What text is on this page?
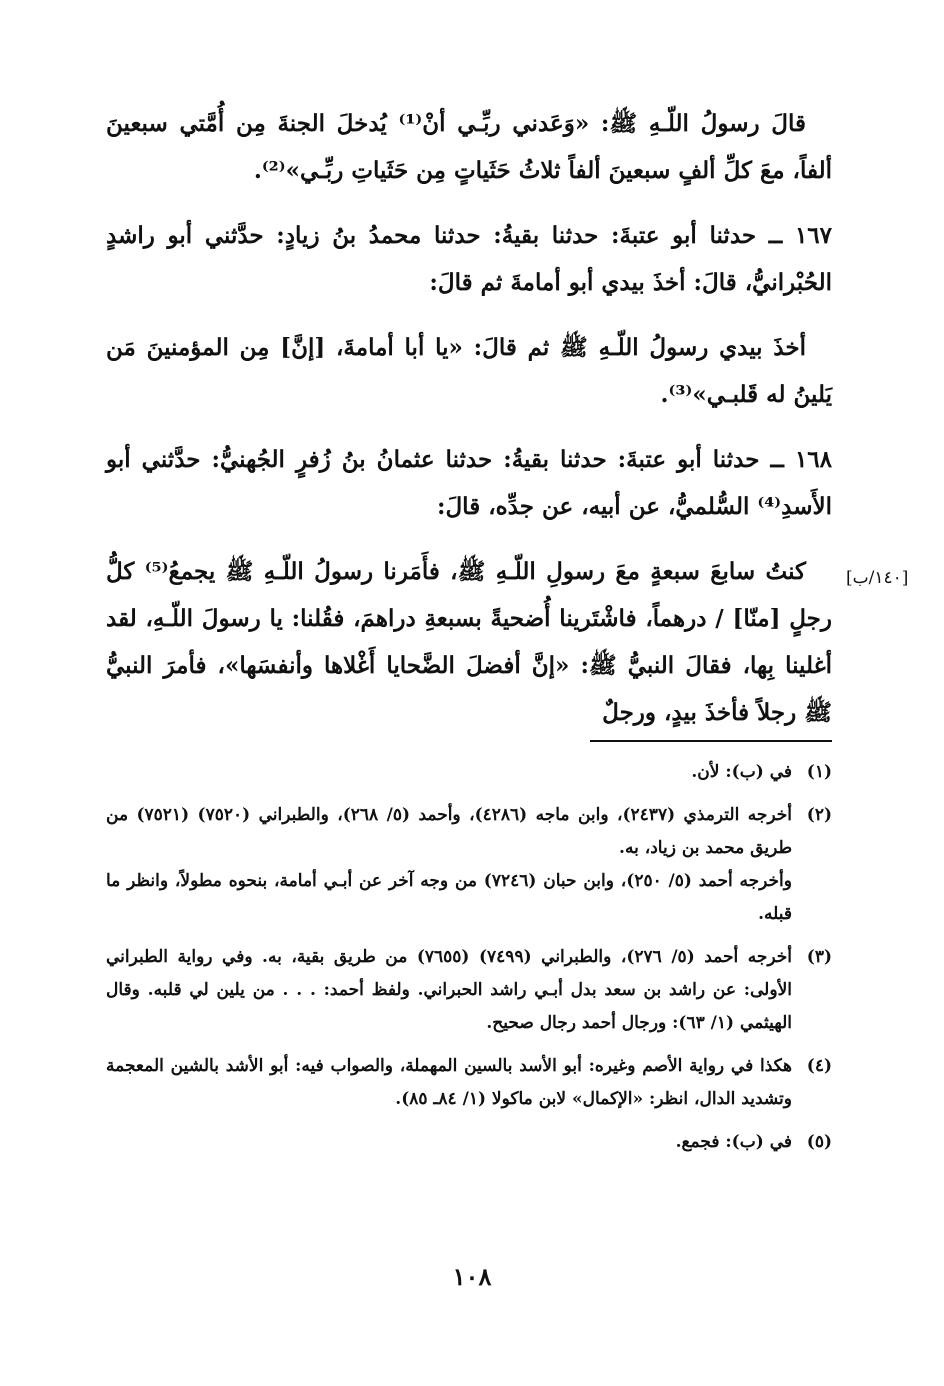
قالَ رسولُ اللّـهِ ﷺ: «وَعَدني ربِّـي أنْ⁽¹⁾ يُدخلَ الجنةَ مِن أُمَّتي سبعينَ ألفاً، معَ كلِّ ألفٍ سبعينَ ألفاً ثلاثُ حَثَياتٍ مِن حَثَياتِ ربِّـي»⁽²⁾.

١٦٧ ــ حدثنا أبو عتبةَ: حدثنا بقيةُ: حدثنا محمدُ بنُ زيادٍ: حدَّثني أبو راشدٍ الحُبْرانيُّ، قالَ: أخذَ بيدي أبو أمامةَ ثم قالَ:

أخذَ بيدي رسولُ اللّـهِ ﷺ ثم قالَ: «يا أبا أمامةَ، [إنَّ] مِن المؤمنينَ مَن يَلينُ له قَلبـي»⁽³⁾.

١٦٨ ــ حدثنا أبو عتبةَ: حدثنا بقيةُ: حدثنا عثمانُ بنُ زُفرٍ الجُهنيُّ: حدَّثني أبو الأَسدِ⁽⁴⁾ السُّلميُّ، عن أبيه، عن جدِّه، قالَ:

كنتُ سابعَ سبعةٍ معَ رسولِ اللّـهِ ﷺ، فأَمَرنا رسولُ اللّـهِ ﷺ يجمعُ⁽⁵⁾ كلُّ رجلٍ [منّا] / درهماً، فاشْتَرينا أُضحيةً بسبعةِ دراهمَ، فقُلنا: يا رسولَ اللّـهِ، لقد أغلينا بِها، فقالَ النبيُّ ﷺ: «إنَّ أفضلَ الضَّحايا أَغْلاها وأنفسَها»، فأمرَ النبيُّ ﷺ رجلاً فأخذَ بيدٍ، ورجلٌ

[١٤٠/ب]
(١)
في (ب): لأن.
(٢)
أخرجه الترمذي (٢٤٣٧)، وابن ماجه (٤٢٨٦)، وأحمد (٥/ ٢٦٨)، والطبراني (٧٥٢٠) (٧٥٢١) من طريق محمد بن زياد، به.
وأخرجه أحمد (٥/ ٢٥٠)، وابن حبان (٧٢٤٦) من وجه آخر عن أبـي أمامة، بنحوه مطولاً، وانظر ما قبله.
(٣)
أخرجه أحمد (٥/ ٢٧٦)، والطبراني (٧٤٩٩) (٧٦٥٥) من طريق بقية، به. وفي رواية الطبراني الأولى: عن راشد بن سعد بدل أبـي راشد الحبراني. ولفظ أحمد: . . . من يلين لي قلبه. وقال الهيثمي (١/ ٦٣): ورجال أحمد رجال صحيح.
(٤)
هكذا في رواية الأصم وغيره: أبو الأسد بالسين المهملة، والصواب فيه: أبو الأشد بالشين المعجمة وتشديد الدال، انظر: «الإكمال» لابن ماكولا (١/ ٨٤ـ ٨٥).
(٥)
في (ب): فجمع.
١٠٨
